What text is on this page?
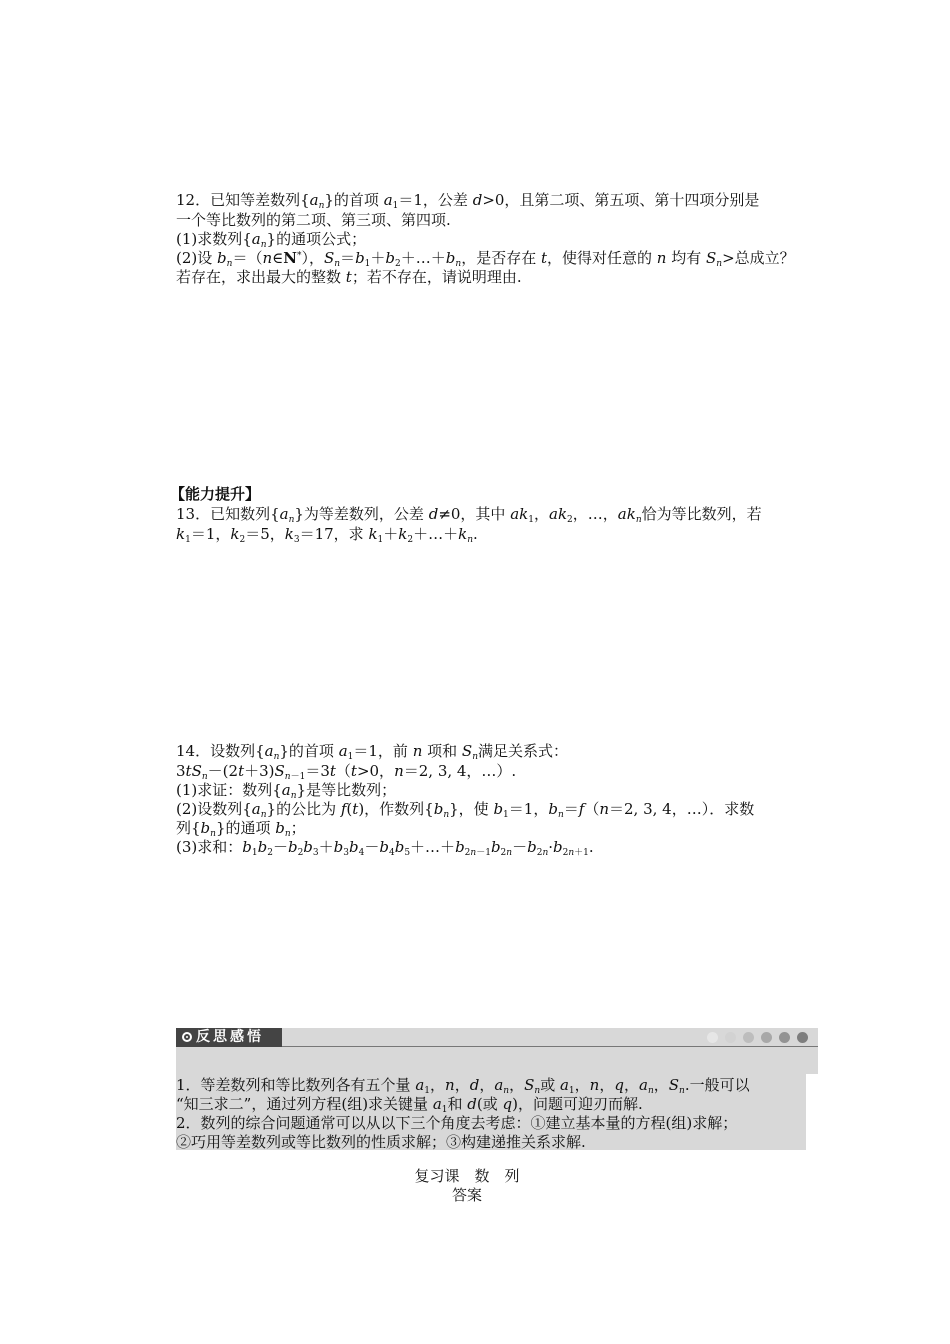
12．已知等差数列$\{a_n\}$的首项 $a_1=1$，公差 d>0，且第二项、第五项、第十四项分别是
一个等比数列的第二项、第三项、第四项.
(1)求数列$\{a_n\}$的通项公式；
(2)设 $b_n=(n\in N^*)$，$S_n=b_1+b_2+\dots+b_n$，是否存在 t，使得对任意的 n 均有 $S_n>$总成立？
若存在，求出最大的整数 t；若不存在，请说明理由.
【能力提升】
13．已知数列$\{a_n\}$为等差数列，公差 d≠0，其中 $ak_1$，$ak_2$，…，$ak_n$恰为等比数列，若
$k_1=1$，$k_2=5$，$k_3=17$，求 $k_1+k_2+\dots+k_n$.
14．设数列$\{a_n\}$的首项 $a_1=1$，前 n 项和 $S_n$满足关系式：
$3tS_n-(2t+3)S_{n-1}=3t(t>0$，n＝2, 3, 4，…）.
(1)求证：数列$\{a_n\}$是等比数列；
(2)设数列$\{a_n\}$的公比为 f(t)，作数列$\{b_n\}$，使 $b_1=1$，$b_n=f(n=2$, 3, 4，…）．求数
列$\{b_n\}$的通项 $b_n$；
(3)求和：$b_1b_2-b_2b_3+b_3b_4-b_4b_5+\dots+b_{2n-1}b_{2n}-b_{2n}\cdot b_{2n+1}$.
反思感悟
1．等差数列和等比数列各有五个量 $a_1$，n，d，$a_n$，$S_n$或 $a_1$，n，q，$a_n$，$S_n$.一般可以
“知三求二”，通过列方程(组)求关键量 $a_1$和 d(或 q)，问题可迎刃而解.
2．数列的综合问题通常可以从以下三个角度去考虑：①建立基本量的方程(组)求解；
②巧用等差数列或等比数列的性质求解；③构建递推关系求解.
复习课　数　列
答案
